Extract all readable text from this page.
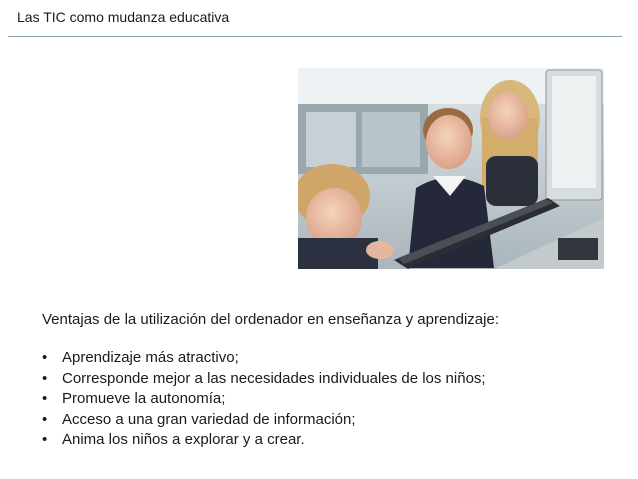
Las TIC como mudanza educativa

Ventajas de la utilización del ordenador en enseñanza y aprendizaje:

• Aprendizaje más atractivo;
• Corresponde mejor a las necesidades individuales de los niños;
• Promueve la autonomía;
• Acceso a una gran variedad de información;
• Anima los niños a explorar y a crear.
